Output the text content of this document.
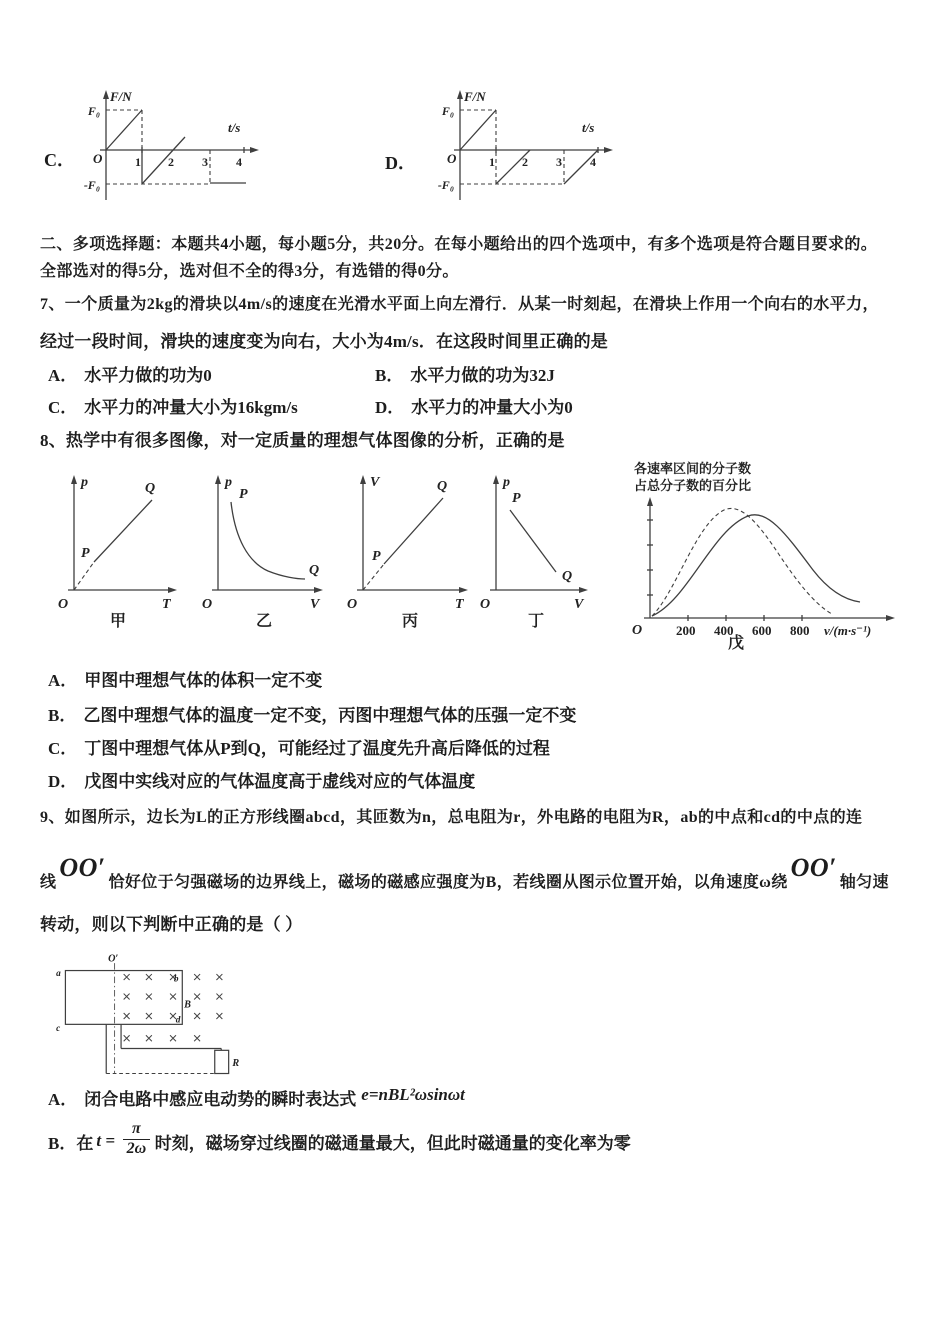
C．
F/N
t/s
F₀
-F₀
O	1 2 3 4	D．
F/N
t/s
F₀
-F₀
O	1 2 3 4
二、多项选择题：本题共4小题，每小题5分，共20分。在每小题给出的四个选项中，有多个选项是符合题目要求的。
全部选对的得5分，选对但不全的得3分，有选错的得0分。
7、一个质量为2kg的滑块以4m/s的速度在光滑水平面上向左滑行．从某一时刻起，在滑块上作用一个向右的水平力，
经过一段时间，滑块的速度变为向右，大小为4m/s．在这段时间里正确的是
A． 水平力做的功为0	B． 水平力做的功为32J
C． 水平力的冲量大小为16kgm/s	D． 水平力的冲量大小为0
8、热学中有很多图像，对一定质量的理想气体图像的分析，正确的是
p
T
O
P
Q
甲
p
V
O
P
Q
乙
V
T
O
P
Q
丙
p
V
O
P
Q
丁
各速率区间的分子数
占总分子数的百分比
O	200 400 600 800 v/(m·s⁻¹)
戊
A． 甲图中理想气体的体积一定不变
B． 乙图中理想气体的温度一定不变，丙图中理想气体的压强一定不变
C． 丁图中理想气体从P到Q，可能经过了温度先升高后降低的过程
D． 戊图中实线对应的气体温度高于虚线对应的气体温度
9、如图所示，边长为L的正方形线圈abcd，其匝数为n，总电阻为r，外电路的电阻为R，ab的中点和cd的中点的连
线OO′恰好位于匀强磁场的边界线上，磁场的磁感应强度为B，若线圈从图示位置开始，以角速度ω绕OO′轴匀速
转动，则以下判断中正确的是（ ）
O′
a
b
c
d
B
R
A． 闭合电路中感应电动势的瞬时表达式 e=nBL²ωsinωt
B． 在 $t = \frac{\pi}{2\omega}$ 时刻，磁场穿过线圈的磁通量最大，但此时磁通量的变化率为零
